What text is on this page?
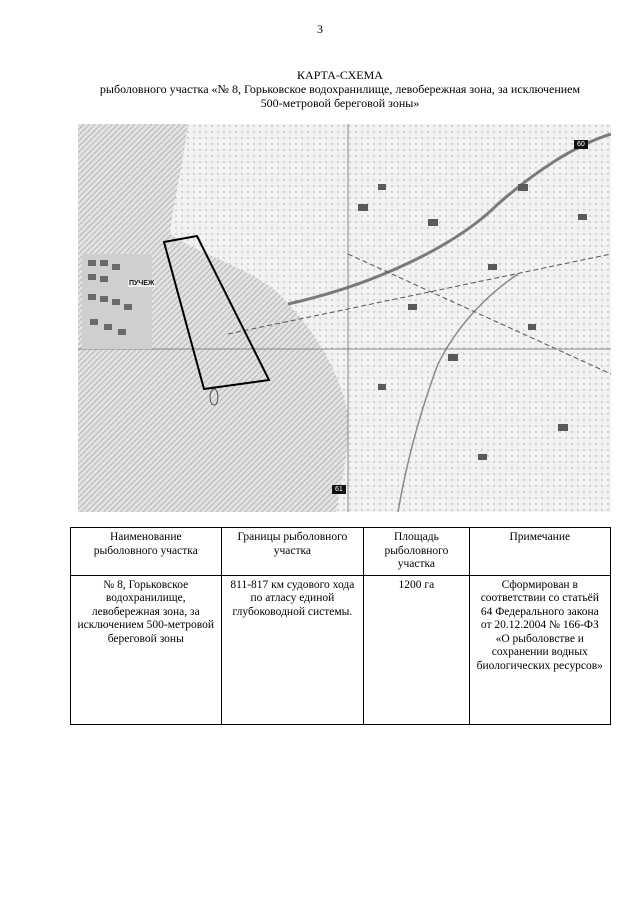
3
КАРТА-СХЕМА
рыболовного участка «№ 8, Горьковское водохранилище, левобережная зона, за исключением
500-метровой береговой зоны»
ПУЧЕЖ
60
61
Наименование рыболовного участка	Границы рыболовного участка	Площадь рыболовного участка	Примечание
№ 8, Горьковское водохранилище, левобережная зона, за исключением 500-метровой береговой зоны	811-817 км судового хода по атласу единой глубоководной системы.	1200 га	Сформирован в соответствии со статьёй 64 Федерального закона от 20.12.2004 № 166-ФЗ «О рыболовстве и сохранении водных биологических ресурсов»
